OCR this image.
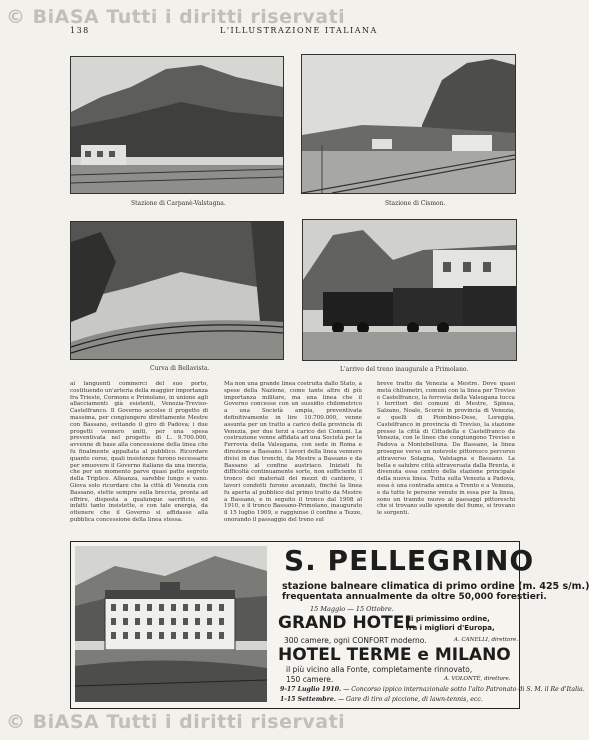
© BiASA Tutti i diritti riservati
138	L'ILLUSTRAZIONE ITALIANA
Stazione di Carpanè-Valstagna.	Stazione di Cismon.
Curva di Bellavista.	L'arrivo del treno inaugurale a Primolano.
ai languenti commerci del suo porto, costituendo un'arteria della maggior importanza fra Trieste, Cormons e Primolano, in unione agli allacciamenti già esistenti, Venezia-Treviso-Castelfranco. Il Governo accolse il progetto di massima, per congiungere direttamente Mestre con Bassano, evitando il giro di Padova; i due progetti vennero uniti, per una spesa preventivata nel progetto di L. 9.700.000, avvenne di base alla concessione della linea che fu finalmente appaltata al pubblico. Ricordare quanto corse, quali insistenze furono necessarie per smuovere il Governo italiano da una inerzia, che per un momento parve quasi patto segreto della Triplice. Alleanza, sarebbe lungo e vano. Giova solo ricordare che la città di Venezia con Bassano, stette sempre sulla breccia, pronta ad offrire, disposta a qualunque sacrificio, ed infatti tanto insistette, e con tale energia, da ottenere che il Governo si affidasse alla pubblica concessione della linea stessa.
Ma non una grande linea costruita dallo Stato, a spese della Nazione, come tante altre di più importanza militare, ma una linea che il Governo concesse con un sussidio chilometrico a una Società ampia, preventivata definitivamente in lire 10.700.000, venne assunta per un tratto a carico della provincia di Venezia, per due terzi a carico dei Comuni. La costruzione venne affidata ad una Società per la Ferrovia della Valsugana, con sede in Roma e direzione a Bassano. I lavori della linea vennero divisi in due tronchi, da Mestre a Bassano e da Bassano al confine austriaco. Iniziati fu difficoltà continuamente sorte, non sufficiente il tronco dei materiali dei mezzi di cantiere, i lavori condotti furono avanzati, finché la linea fu aperta al pubblico dal primo tratto da Mestre a Bassano, e in seguito il tronco dal 1908 al 1910, e il tronco Bassano-Primolano, inaugurato il 15 luglio 1909, e raggiunse il confine a Tezze, onorando il passaggio del treno sul
breve tratto da Venezia a Mestre. Dove quasi metà chilometri, comuni con la linea per Treviso e Castelfranco, la ferrovia della Valsugana tocca i territori dei comuni di Mestre, Spinea, Salzano, Noale, Scorzè in provincia di Venezia, e quelli di Piombino-Dese, Loreggia, Castelfranco in provincia di Treviso, la stazione presso la città di Cittadella e Castelfranco da Venezia, con le linee che congiungono Treviso e Padova a Montebelluna. Da Bassano, la linea prosegue verso un notevole pittoresco percorso attraverso Solagna, Valstagna e Bassano. La bella e salubre città attraversata dalla Brenta, è divenuta essa centro della stazione principale della nuova linea. Tutta sulla Venezia a Padova, essa è una contrada amica a Trento e a Venezia, e da tutte le persone venute in essa per la linea, sono un tramite nuovo ai paesaggi pittoreschi che si trovano sulle sponde del fiume, si trovano le sorgenti.
S. PELLEGRINO
stazione balneare climatica di primo ordine (m. 425 s/m.)
frequentata annualmente da oltre 50,000 forestieri.
15 Maggio — 15 Ottobre.
GRAND HOTEL
di primissimo ordine,
fra i migliori d'Europa,
300 camere, ogni CONFORT moderno.	A. CANELLI, direttore.
HOTEL TERME e MILANO
il più vicino alla Fonte, completamente rinnovato,
150 camere.	A. VOLONTÈ, direttore.
9-17 Luglio 1910. — Concorso ippico internazionale sotto l'alto Patronato di S. M. il Re d'Italia.
1-15 Settembre. — Gare di tiro al piccione, di lawn-tennis, ecc.
© BiASA Tutti i diritti riservati
